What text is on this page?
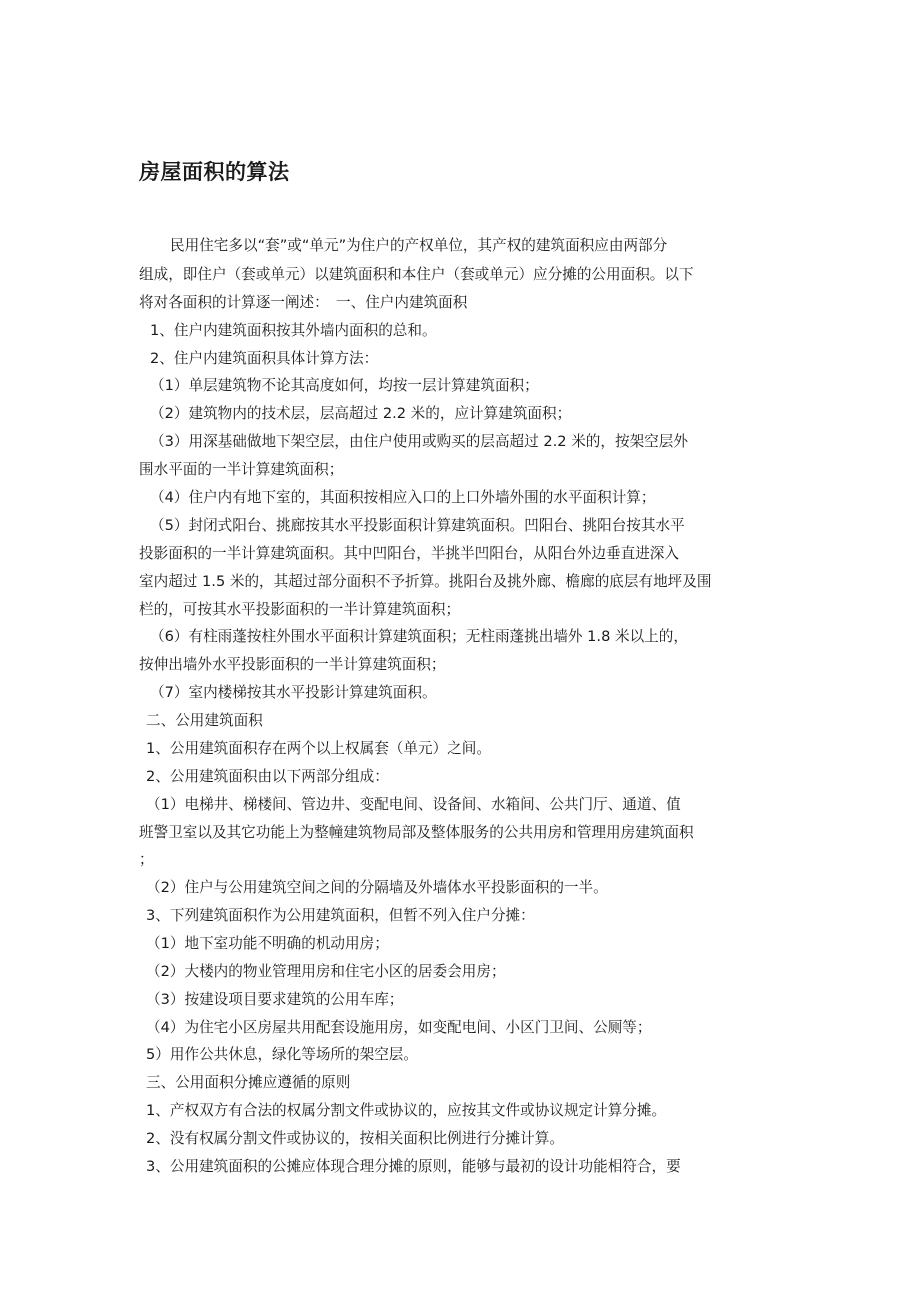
房屋面积的算法
民用住宅多以“套”或“单元”为住户的产权单位，其产权的建筑面积应由两部分
组成，即住户（套或单元）以建筑面积和本住户（套或单元）应分摊的公用面积。以下
将对各面积的计算逐一阐述：　一、住户内建筑面积
1、住户内建筑面积按其外墙内面积的总和。
2、住户内建筑面积具体计算方法：
（1）单层建筑物不论其高度如何，均按一层计算建筑面积；
（2）建筑物内的技术层，层高超过 2.2 米的，应计算建筑面积；
（3）用深基础做地下架空层，由住户使用或购买的层高超过 2.2 米的，按架空层外
围水平面的一半计算建筑面积；
（4）住户内有地下室的，其面积按相应入口的上口外墙外围的水平面积计算；
（5）封闭式阳台、挑廊按其水平投影面积计算建筑面积。凹阳台、挑阳台按其水平
投影面积的一半计算建筑面积。其中凹阳台，半挑半凹阳台，从阳台外边垂直进深入
室内超过 1.5 米的，其超过部分面积不予折算。挑阳台及挑外廊、檐廊的底层有地坪及围
栏的，可按其水平投影面积的一半计算建筑面积；
（6）有柱雨蓬按柱外围水平面积计算建筑面积；无柱雨蓬挑出墙外 1.8 米以上的，
按伸出墙外水平投影面积的一半计算建筑面积；
（7）室内楼梯按其水平投影计算建筑面积。
二、公用建筑面积
1、公用建筑面积存在两个以上权属套（单元）之间。
2、公用建筑面积由以下两部分组成：
（1）电梯井、梯楼间、管边井、变配电间、设备间、水箱间、公共门厅、通道、值
班警卫室以及其它功能上为整幢建筑物局部及整体服务的公共用房和管理用房建筑面积
；
（2）住户与公用建筑空间之间的分隔墙及外墙体水平投影面积的一半。
3、下列建筑面积作为公用建筑面积，但暂不列入住户分摊：
（1）地下室功能不明确的机动用房；
（2）大楼内的物业管理用房和住宅小区的居委会用房；
（3）按建设项目要求建筑的公用车库；
（4）为住宅小区房屋共用配套设施用房，如变配电间、小区门卫间、公厕等；
5）用作公共休息，绿化等场所的架空层。
三、公用面积分摊应遵循的原则
1、产权双方有合法的权属分割文件或协议的，应按其文件或协议规定计算分摊。
2、没有权属分割文件或协议的，按相关面积比例进行分摊计算。
3、公用建筑面积的公摊应体现合理分摊的原则，能够与最初的设计功能相符合，要
